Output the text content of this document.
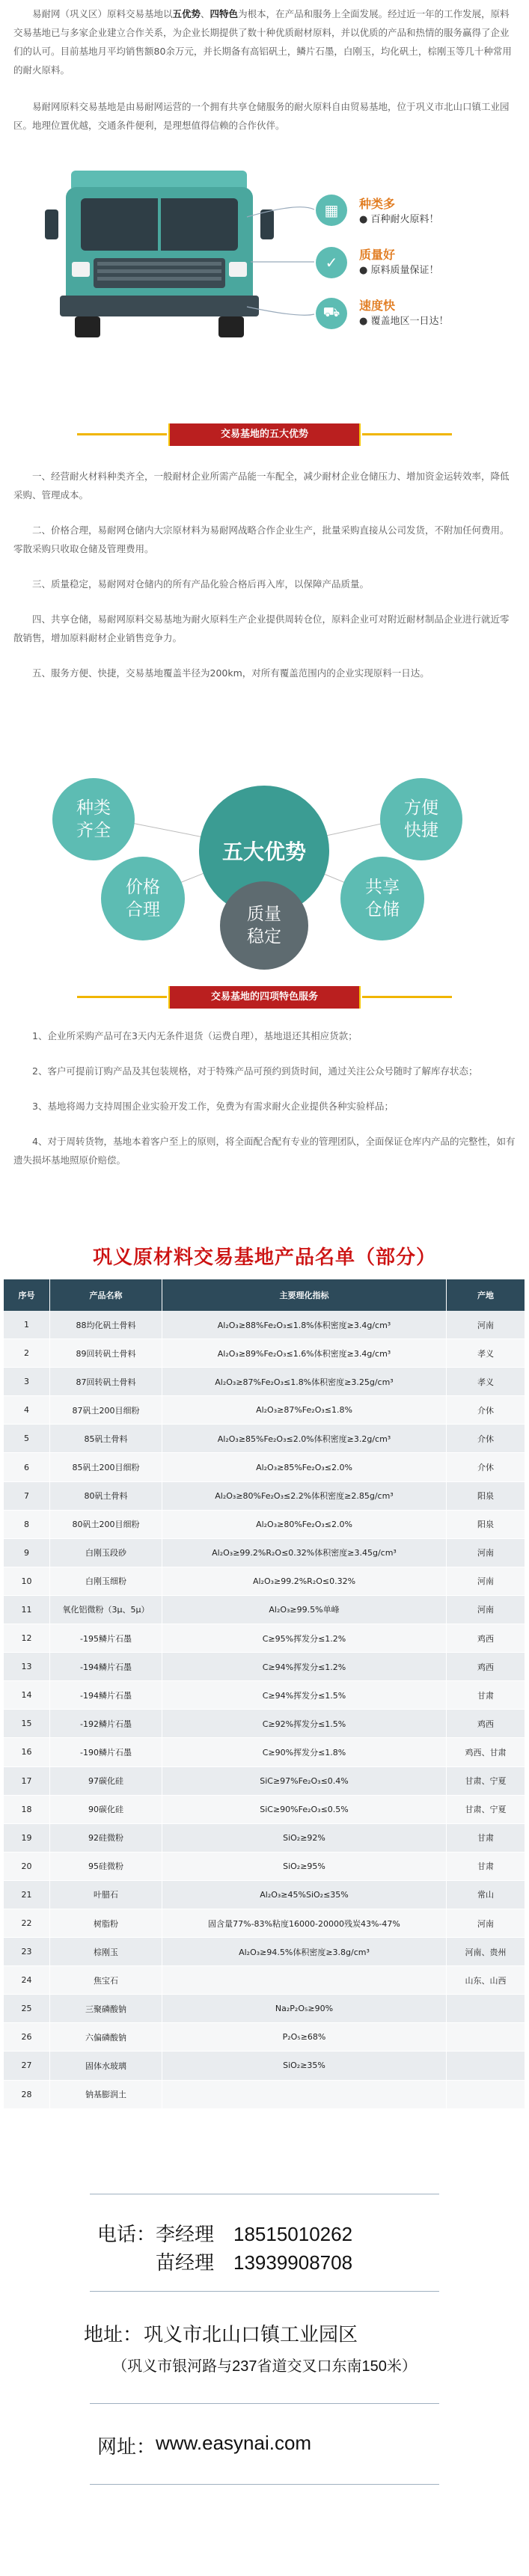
易耐网（巩义区）原料交易基地以五优势、四特色为根本，在产品和服务上全面发展。经过近一年的工作发展，原料交易基地已与多家企业建立合作关系，为企业长期提供了数十种优质耐材原料，并以优质的产品和热情的服务赢得了企业们的认可。目前基地月平均销售额80余万元，并长期备有高铝矾土，鳞片石墨，白刚玉，均化矾土，棕刚玉等几十种常用的耐火原料。

易耐网原料交易基地是由易耐网运营的一个拥有共享仓储服务的耐火原料自由贸易基地，位于巩义市北山口镇工业园区。地理位置优越，交通条件便利，是理想值得信赖的合作伙伴。

▦
✓
⛟
种类多
● 百种耐火原料！
质量好
● 原料质量保证！
速度快
● 覆盖地区一日达！
交易基地的五大优势

一、经营耐火材料种类齐全，一般耐材企业所需产品能一车配全，减少耐材企业仓储压力、增加资金运转效率，降低采购、管理成本。

二、价格合理，易耐网仓储内大宗原材料为易耐网战略合作企业生产，批量采购直接从公司发货，不附加任何费用。零散采购只收取仓储及管理费用。

三、质量稳定，易耐网对仓储内的所有产品化验合格后再入库，以保障产品质量。

四、共享仓储，易耐网原料交易基地为耐火原料生产企业提供周转仓位，原料企业可对附近耐材制品企业进行就近零散销售，增加原料耐材企业销售竞争力。

五、服务方便、快捷，交易基地覆盖半径为200km，对所有覆盖范围内的企业实现原料一日达。

五大优势
种类
齐全
方便
快捷
价格
合理
共享
仓储
质量
稳定
交易基地的四项特色服务

1、企业所采购产品可在3天内无条件退货（运费自理），基地退还其相应货款；

2、客户可提前订购产品及其包装规格，对于特殊产品可预约到货时间，通过关注公众号随时了解库存状态；

3、基地将竭力支持周围企业实验开发工作，免费为有需求耐火企业提供各种实验样品；

4、对于周转货物，基地本着客户至上的原则，将全面配合配有专业的管理团队，全面保证仓库内产品的完整性，如有遗失损坏基地照原价赔偿。

巩义原材料交易基地产品名单（部分）
序号	产品名称	主要理化指标	产地
1	88均化矾土骨料	Al₂O₃≥88%Fe₂O₃≤1.8%体积密度≥3.4g/cm³	河南
2	89回转矾土骨料	Al₂O₃≥89%Fe₂O₃≤1.6%体积密度≥3.4g/cm³	孝义
3	87回转矾土骨料	Al₂O₃≥87%Fe₂O₃≤1.8%体积密度≥3.25g/cm³	孝义
4	87矾土200目细粉	Al₂O₃≥87%Fe₂O₃≤1.8%	介休
5	85矾土骨料	Al₂O₃≥85%Fe₂O₃≤2.0%体积密度≥3.2g/cm³	介休
6	85矾土200目细粉	Al₂O₃≥85%Fe₂O₃≤2.0%	介休
7	80矾土骨料	Al₂O₃≥80%Fe₂O₃≤2.2%体积密度≥2.85g/cm³	阳泉
8	80矾土200目细粉	Al₂O₃≥80%Fe₂O₃≤2.0%	阳泉
9	白刚玉段砂	Al₂O₃≥99.2%R₂O≤0.32%体积密度≥3.45g/cm³	河南
10	白刚玉细粉	Al₂O₃≥99.2%R₂O≤0.32%	河南
11	氧化铝微粉（3μ、5μ）	Al₂O₃≥99.5%单峰	河南
12	-195鳞片石墨	C≥95%挥发分≤1.2%	鸡西
13	-194鳞片石墨	C≥94%挥发分≤1.2%	鸡西
14	-194鳞片石墨	C≥94%挥发分≤1.5%	甘肃
15	-192鳞片石墨	C≥92%挥发分≤1.5%	鸡西
16	-190鳞片石墨	C≥90%挥发分≤1.8%	鸡西、甘肃
17	97碳化硅	SiC≥97%Fe₂O₃≤0.4%	甘肃、宁夏
18	90碳化硅	SiC≥90%Fe₂O₃≤0.5%	甘肃、宁夏
19	92硅微粉	SiO₂≥92%	甘肃
20	95硅微粉	SiO₂≥95%	甘肃
21	叶腊石	Al₂O₃≥45%SiO₂≤35%	常山
22	树脂粉	固含量77%-83%粘度16000-20000残炭43%-47%	河南
23	棕刚玉	Al₂O₃≥94.5%体积密度≥3.8g/cm³	河南、贵州
24	焦宝石		山东、山西
25	三聚磷酸钠	Na₂P₂O₅≥90%	
26	六偏磷酸钠	P₂O₅≥68%	
27	固体水玻璃	SiO₂≥35%	
28	钠基膨润土		
电话： 李经理　18515010262
苗经理　13939908708
地址： 巩义市北山口镇工业园区
（巩义市银河路与237省道交叉口东南150米）
网址： www.easynai.com
